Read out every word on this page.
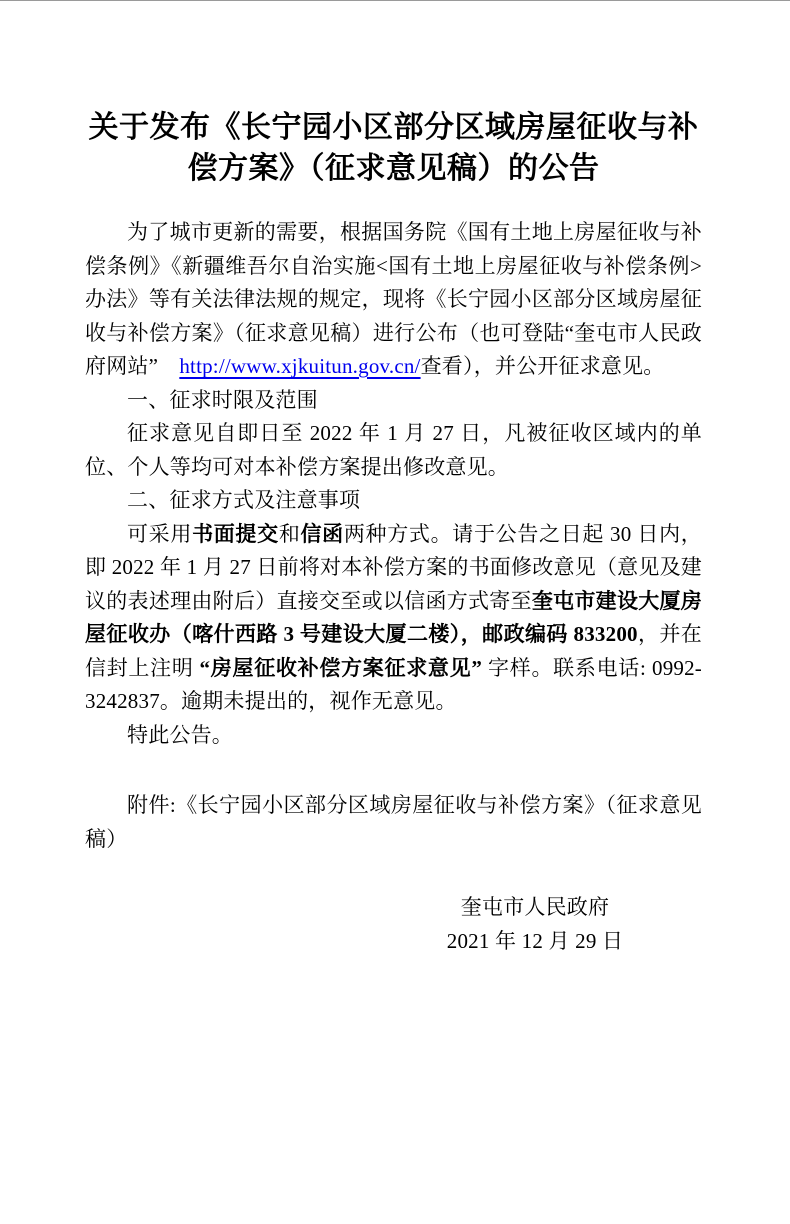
关于发布《长宁园小区部分区域房屋征收与补
偿方案》（征求意见稿）的公告

为了城市更新的需要，根据国务院《国有土地上房屋征收与补偿条例》《新疆维吾尔自治实施<国有土地上房屋征收与补偿条例>办法》等有关法律法规的规定，现将《长宁园小区部分区域房屋征收与补偿方案》（征求意见稿）进行公布（也可登陆“奎屯市人民政府网站”　http://www.xjkuitun.gov.cn/查看），并公开征求意见。

一、征求时限及范围

征求意见自即日至 2022 年 1 月 27 日，凡被征收区域内的单位、个人等均可对本补偿方案提出修改意见。

二、征求方式及注意事项

可采用书面提交和信函两种方式。请于公告之日起 30 日内，即 2022 年 1 月 27 日前将对本补偿方案的书面修改意见（意见及建议的表述理由附后）直接交至或以信函方式寄至奎屯市建设大厦房屋征收办（喀什西路 3 号建设大厦二楼），邮政编码 833200，并在信封上注明 “房屋征收补偿方案征求意见” 字样。联系电话: 0992-3242837。逾期未提出的，视作无意见。

特此公告。

附件:《长宁园小区部分区域房屋征收与补偿方案》（征求意见稿）

奎屯市人民政府
2021 年 12 月 29 日
